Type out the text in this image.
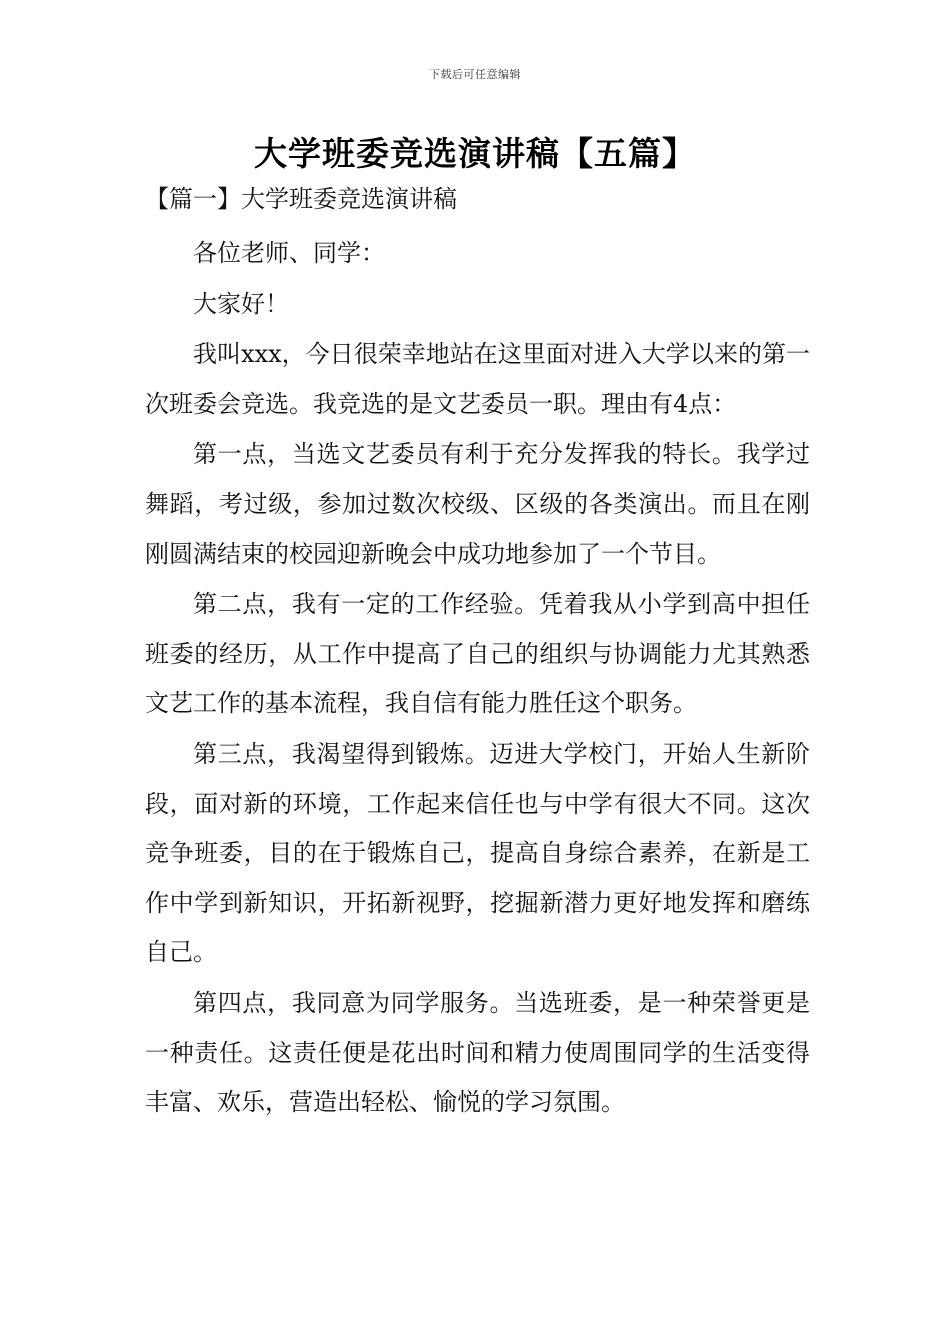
下载后可任意编辑
大学班委竞选演讲稿【五篇】
【篇一】大学班委竞选演讲稿

各位老师、同学：

大家好！

我叫xxx，今日很荣幸地站在这里面对进入大学以来的第一次班委会竞选。我竞选的是文艺委员一职。理由有4点：

第一点，当选文艺委员有利于充分发挥我的特长。我学过舞蹈，考过级，参加过数次校级、区级的各类演出。而且在刚刚圆满结束的校园迎新晚会中成功地参加了一个节目。

第二点，我有一定的工作经验。凭着我从小学到高中担任班委的经历，从工作中提高了自己的组织与协调能力尤其熟悉文艺工作的基本流程，我自信有能力胜任这个职务。

第三点，我渴望得到锻炼。迈进大学校门，开始人生新阶段，面对新的环境，工作起来信任也与中学有很大不同。这次竞争班委，目的在于锻炼自己，提高自身综合素养，在新是工作中学到新知识，开拓新视野，挖掘新潜力更好地发挥和磨练自己。

第四点，我同意为同学服务。当选班委，是一种荣誉更是一种责任。这责任便是花出时间和精力使周围同学的生活变得丰富、欢乐，营造出轻松、愉悦的学习氛围。
